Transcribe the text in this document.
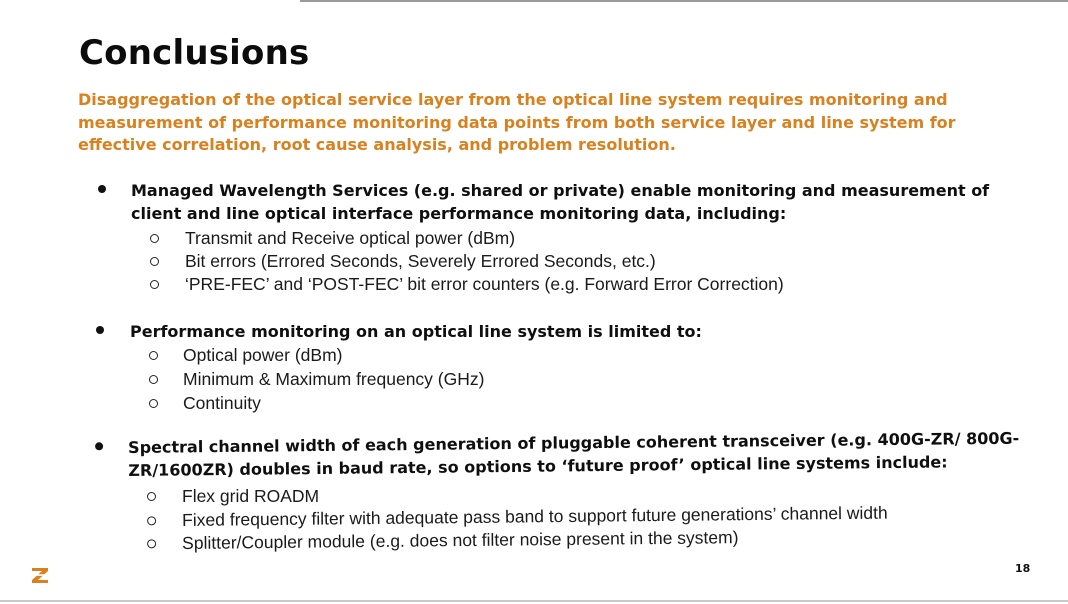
Conclusions
Disaggregation of the optical service layer from the optical line system requires monitoring and measurement of performance monitoring data points from both service layer and line system for effective correlation, root cause analysis, and problem resolution.
Managed Wavelength Services (e.g. shared or private) enable monitoring and measurement of client and line optical interface performance monitoring data, including:
Transmit and Receive optical power (dBm)
Bit errors (Errored Seconds, Severely Errored Seconds, etc.)
‘PRE-FEC’ and ‘POST-FEC’ bit error counters (e.g. Forward Error Correction)
Performance monitoring on an optical line system is limited to:
Optical power (dBm)
Minimum & Maximum frequency (GHz)
Continuity
Spectral channel width of each generation of pluggable coherent transceiver (e.g. 400G-ZR/ 800G-ZR/1600ZR) doubles in baud rate, so options to ‘future proof’ optical line systems include:
Flex grid ROADM
Fixed frequency filter with adequate pass band to support future generations’ channel width
Splitter/Coupler module (e.g. does not filter noise present in the system)
18
